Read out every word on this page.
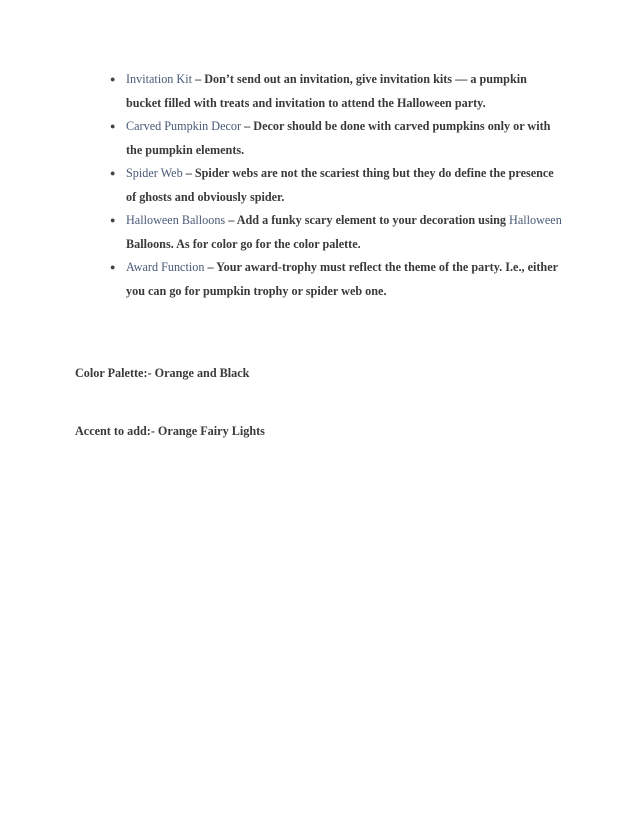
● Invitation Kit – Don’t send out an invitation, give invitation kits — a pumpkin
bucket filled with treats and invitation to attend the Halloween party.
● Carved Pumpkin Decor – Decor should be done with carved pumpkins only or with
the pumpkin elements.
● Spider Web – Spider webs are not the scariest thing but they do define the presence
of ghosts and obviously spider.
● Halloween Balloons – Add a funky scary element to your decoration using Halloween
Balloons. As for color go for the color palette.
● Award Function – Your award-trophy must reflect the theme of the party. I.e., either
you can go for pumpkin trophy or spider web one.

Color Palette:- Orange and Black

Accent to add:- Orange Fairy Lights
